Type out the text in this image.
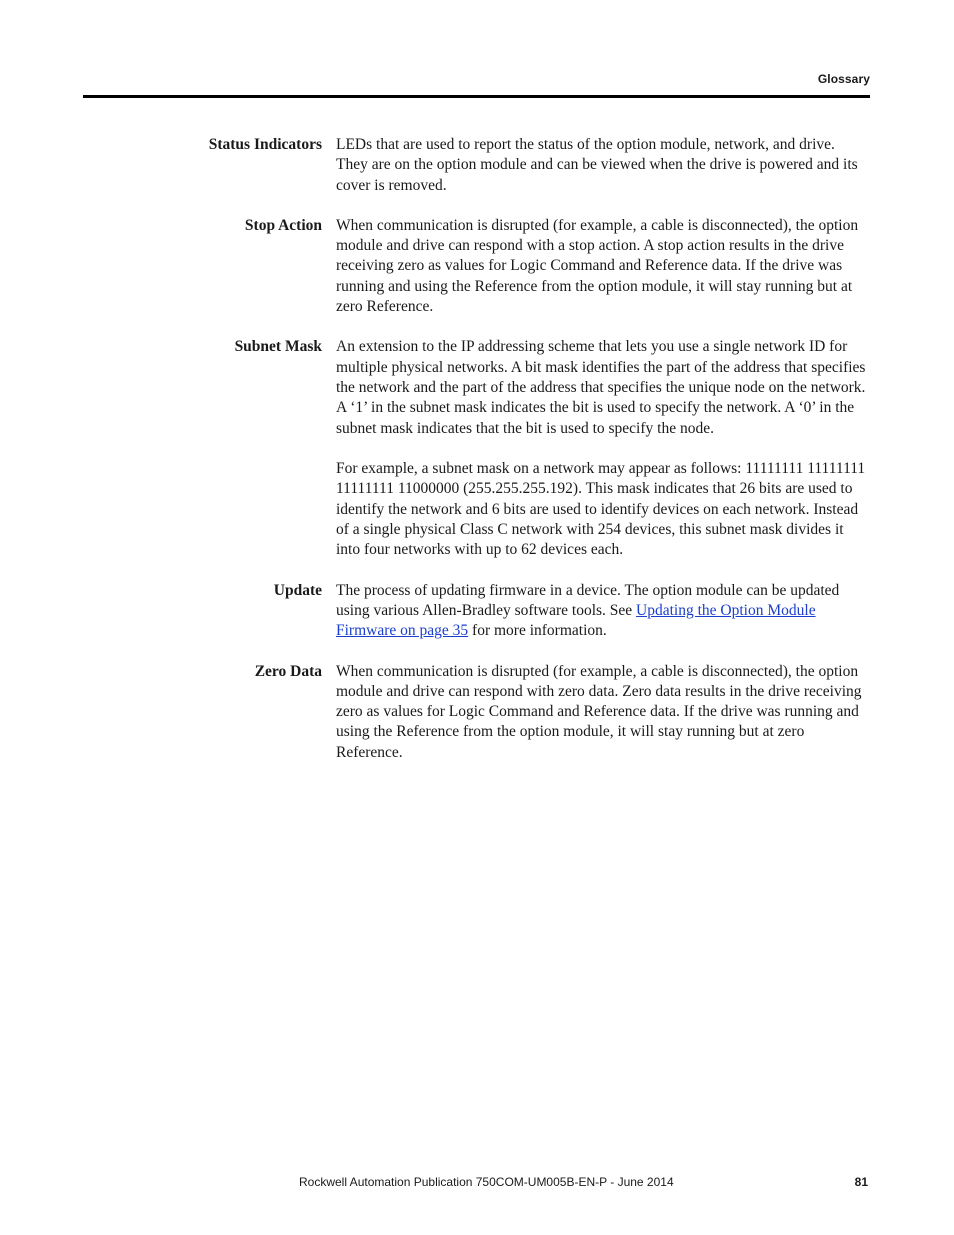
Glossary
Status Indicators LEDs that are used to report the status of the option module, network, and drive. They are on the option module and can be viewed when the drive is powered and its cover is removed.

Stop Action When communication is disrupted (for example, a cable is disconnected), the option module and drive can respond with a stop action. A stop action results in the drive receiving zero as values for Logic Command and Reference data. If the drive was running and using the Reference from the option module, it will stay running but at zero Reference.

Subnet Mask An extension to the IP addressing scheme that lets you use a single network ID for multiple physical networks. A bit mask identifies the part of the address that specifies the network and the part of the address that specifies the unique node on the network. A ‘1’ in the subnet mask indicates the bit is used to specify the network. A ‘0’ in the subnet mask indicates that the bit is used to specify the node.

For example, a subnet mask on a network may appear as follows: 11111111 11111111 11111111 11000000 (255.255.255.192). This mask indicates that 26 bits are used to identify the network and 6 bits are used to identify devices on each network. Instead of a single physical Class C network with 254 devices, this subnet mask divides it into four networks with up to 62 devices each.

Update The process of updating firmware in a device. The option module can be updated using various Allen-Bradley software tools. See Updating the Option Module Firmware on page 35 for more information.

Zero Data When communication is disrupted (for example, a cable is disconnected), the option module and drive can respond with zero data. Zero data results in the drive receiving zero as values for Logic Command and Reference data. If the drive was running and using the Reference from the option module, it will stay running but at zero Reference.

Rockwell Automation Publication 750COM-UM005B-EN-P - June 2014	81
